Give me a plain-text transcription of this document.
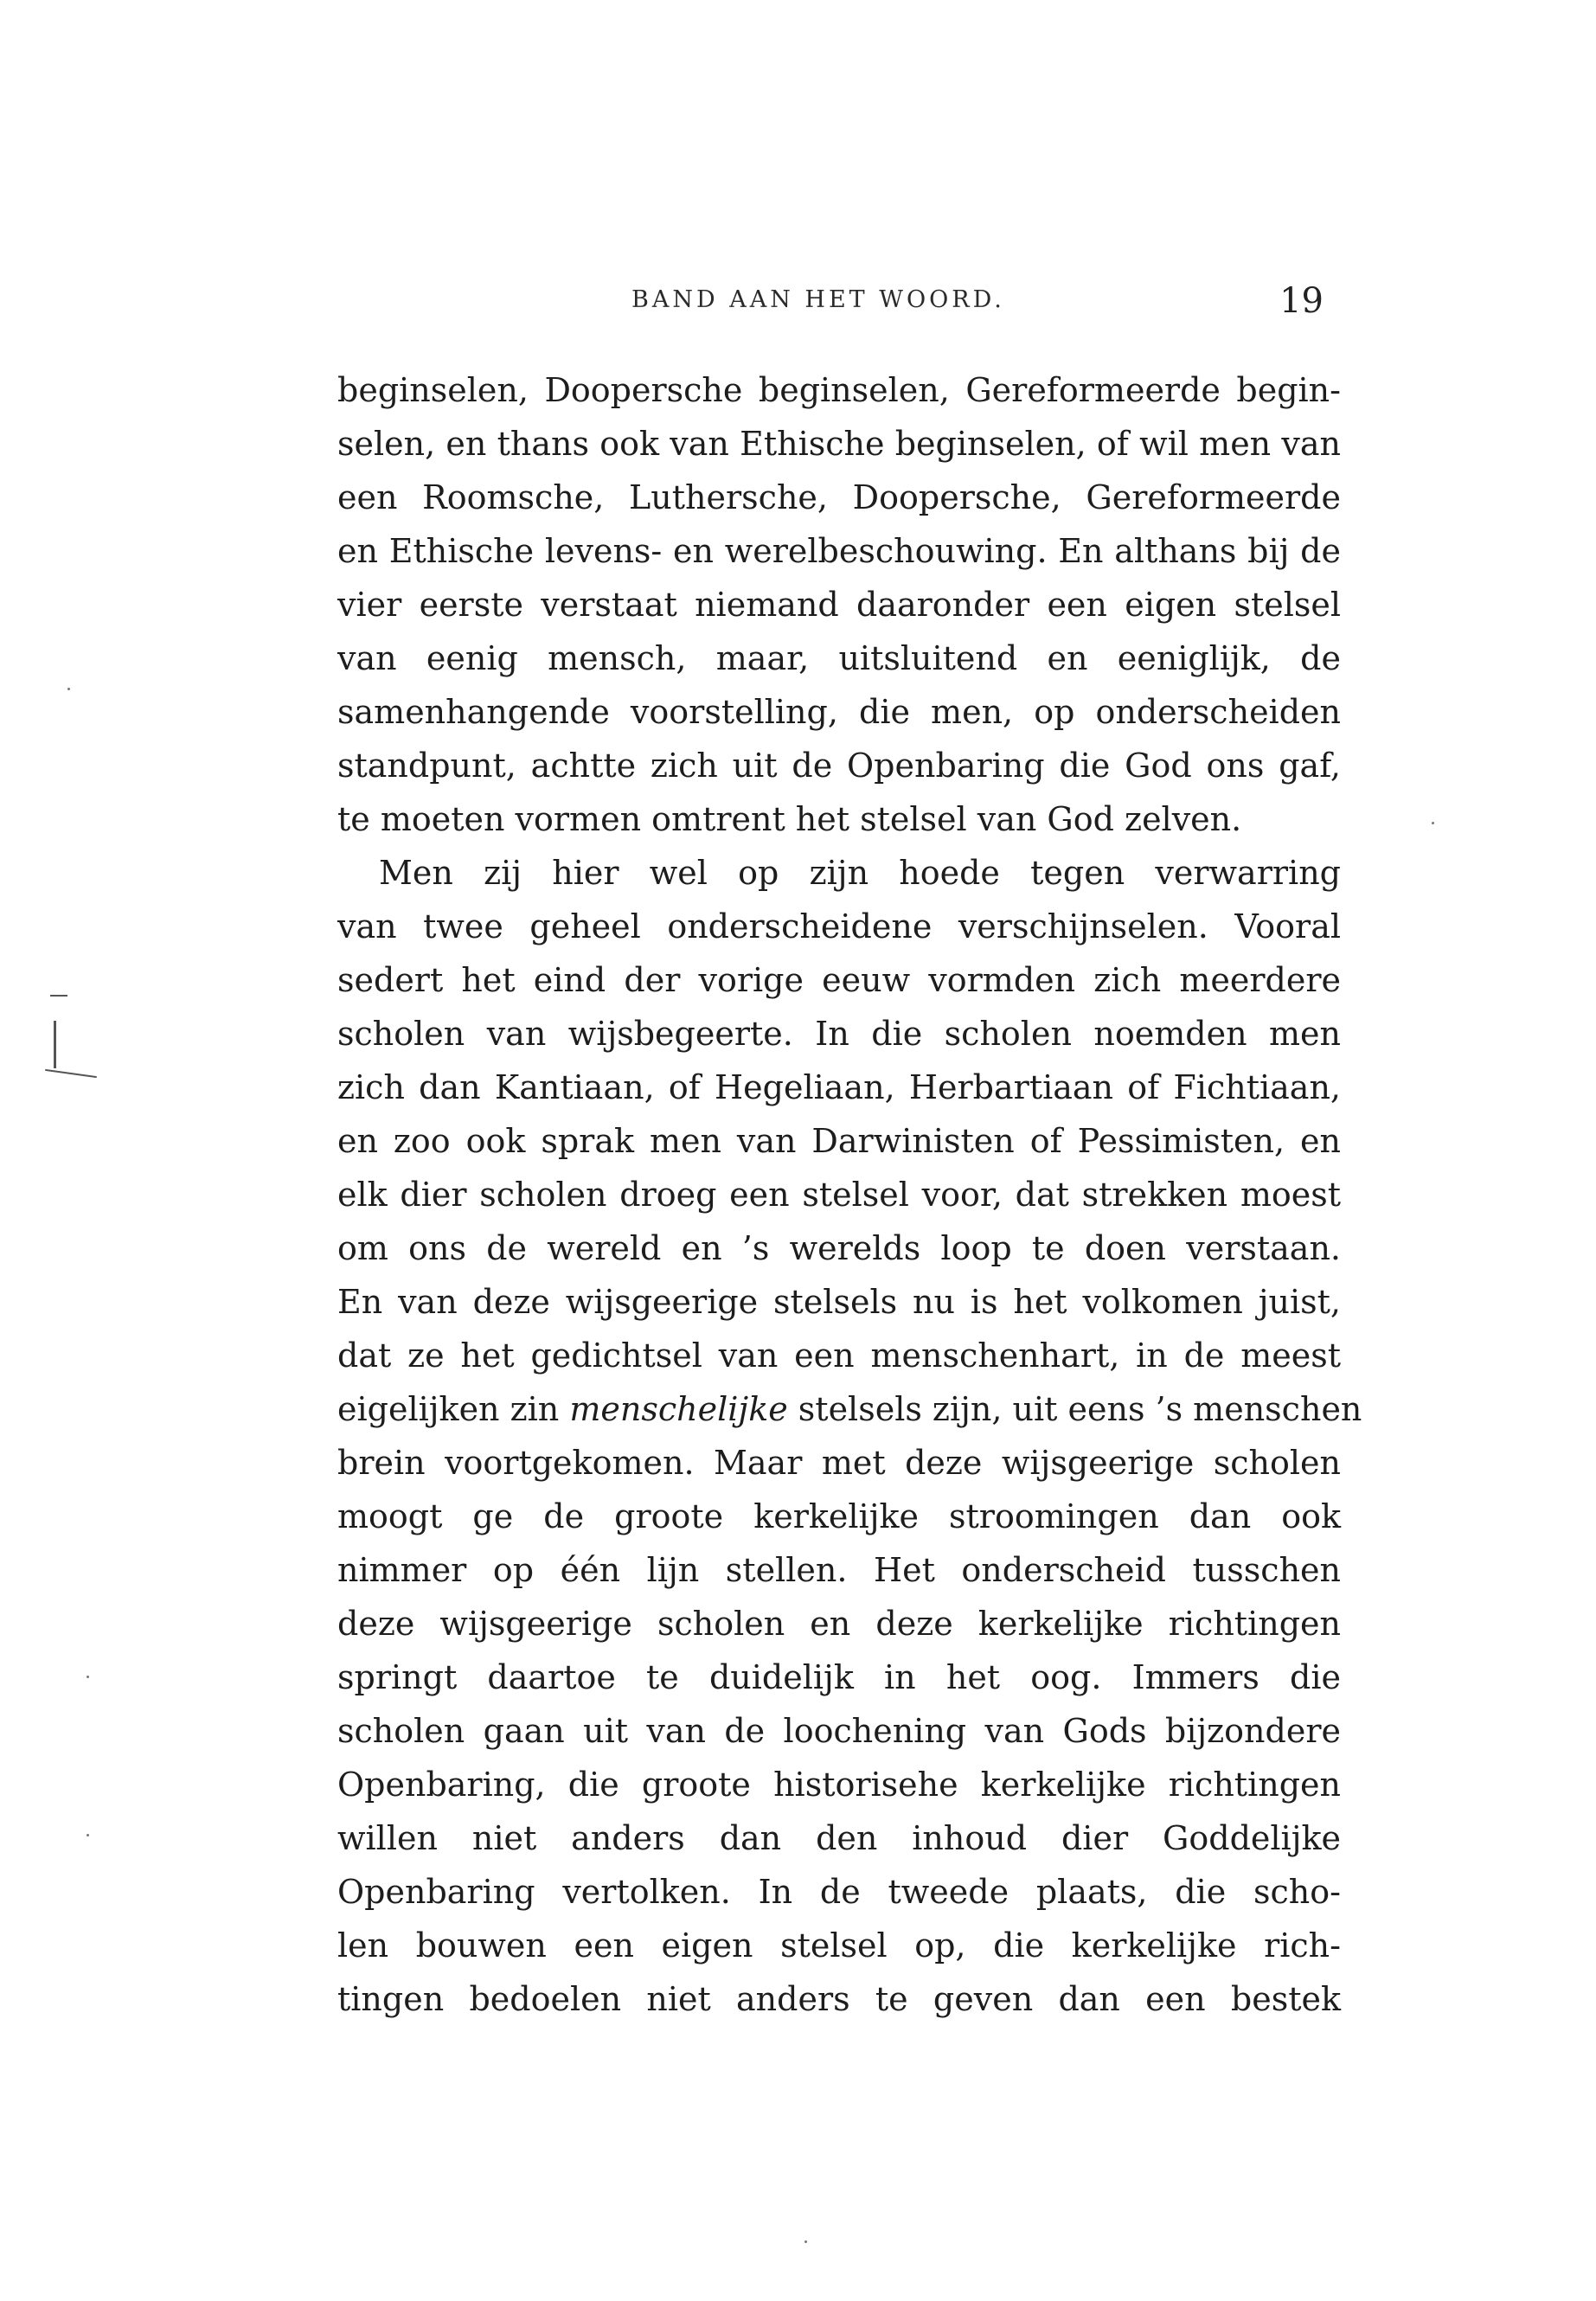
BAND AAN HET WOORD.	19
beginselen, Doopersche beginselen, Gereformeerde begin-
selen, en thans ook van Ethische beginselen, of wil men van
een Roomsche, Luthersche, Doopersche, Gereformeerde
en Ethische levens- en werelbeschouwing. En althans bij de
vier eerste verstaat niemand daaronder een eigen stelsel
van eenig mensch, maar, uitsluitend en eeniglijk, de
samenhangende voorstelling, die men, op onderscheiden
standpunt, achtte zich uit de Openbaring die God ons gaf,
te moeten vormen omtrent het stelsel van God zelven.
Men zij hier wel op zijn hoede tegen verwarring
van twee geheel onderscheidene verschijnselen. Vooral
sedert het eind der vorige eeuw vormden zich meerdere
scholen van wijsbegeerte. In die scholen noemden men
zich dan Kantiaan, of Hegeliaan, Herbartiaan of Fichtiaan,
en zoo ook sprak men van Darwinisten of Pessimisten, en
elk dier scholen droeg een stelsel voor, dat strekken moest
om ons de wereld en ’s werelds loop te doen verstaan.
En van deze wijsgeerige stelsels nu is het volkomen juist,
dat ze het gedichtsel van een menschenhart, in de meest
eigelijken zin menschelijke stelsels zijn, uit eens ’s menschen
brein voortgekomen. Maar met deze wijsgeerige scholen
moogt ge de groote kerkelijke stroomingen dan ook
nimmer op één lijn stellen. Het onderscheid tusschen
deze wijsgeerige scholen en deze kerkelijke richtingen
springt daartoe te duidelijk in het oog. Immers die
scholen gaan uit van de loochening van Gods bijzondere
Openbaring, die groote historisehe kerkelijke richtingen
willen niet anders dan den inhoud dier Goddelijke
Openbaring vertolken. In de tweede plaats, die scho-
len bouwen een eigen stelsel op, die kerkelijke rich-
tingen bedoelen niet anders te geven dan een bestek
